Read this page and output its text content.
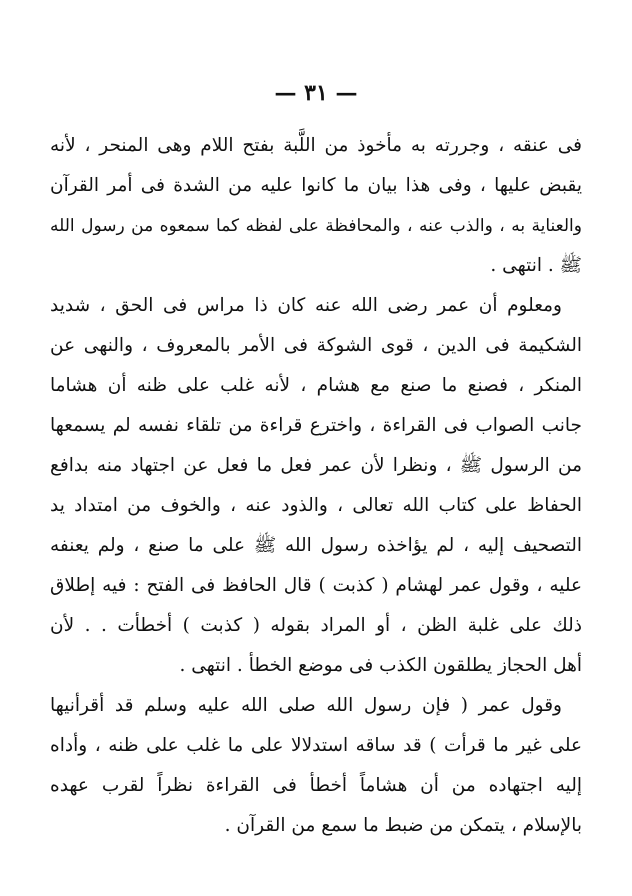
— ٣١ —
فى عنقه ، وجررته به مأخوذ من اللَّبة بفتح اللام وهى المنحر ، لأنه
يقبض عليها ، وفى هذا بيان ما كانوا عليه من الشدة فى أمر القرآن
والعناية به ، والذب عنه ، والمحافظة على لفظه كما سمعوه من رسول الله
ﷺ . انتهى .
ومعلوم أن عمر رضى الله عنه كان ذا مراس فى الحق ، شديد
الشكيمة فى الدين ، قوى الشوكة فى الأمر بالمعروف ، والنهى عن
المنكر ، فصنع ما صنع مع هشام ، لأنه غلب على ظنه أن هشاما
جانب الصواب فى القراءة ، واخترع قراءة من تلقاء نفسه لم يسمعها
من الرسول ﷺ ، ونظرا لأن عمر فعل ما فعل عن اجتهاد منه بدافع
الحفاظ على كتاب الله تعالى ، والذود عنه ، والخوف من امتداد يد
التصحيف إليه ، لم يؤاخذه رسول الله ﷺ على ما صنع ، ولم يعنفه
عليه ، وقول عمر لهشام ( كذبت ) قال الحافظ فى الفتح : فيه إطلاق
ذلك على غلبة الظن ، أو المراد بقوله ( كذبت ) أخطأت . . لأن
أهل الحجاز يطلقون الكذب فى موضع الخطأ . انتهى .
وقول عمر ( فإن رسول الله صلى الله عليه وسلم قد أقرأنيها
على غير ما قرأت ) قد ساقه استدلالا على ما غلب على ظنه ، وأداه
إليه اجتهاده من أن هشاماً أخطأ فى القراءة نظراً لقرب عهده
بالإسلام ، يتمكن من ضبط ما سمع من القرآن .
